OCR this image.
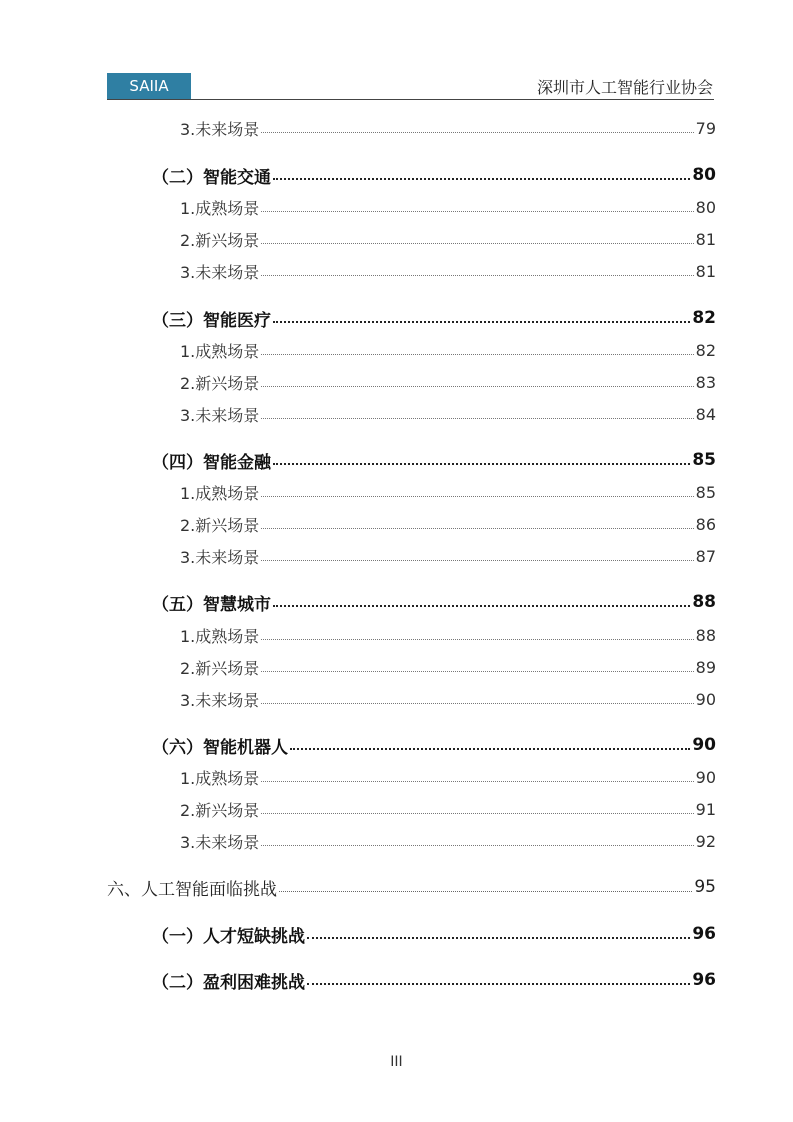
SAIIA	深圳市人工智能行业协会
3.未来场景	79
（二）智能交通	80
1.成熟场景	80
2.新兴场景	81
3.未来场景	81
（三）智能医疗	82
1.成熟场景	82
2.新兴场景	83
3.未来场景	84
（四）智能金融	85
1.成熟场景	85
2.新兴场景	86
3.未来场景	87
（五）智慧城市	88
1.成熟场景	88
2.新兴场景	89
3.未来场景	90
（六）智能机器人	90
1.成熟场景	90
2.新兴场景	91
3.未来场景	92
六、人工智能面临挑战	95
（一）人才短缺挑战	96
（二）盈利困难挑战	96
III
